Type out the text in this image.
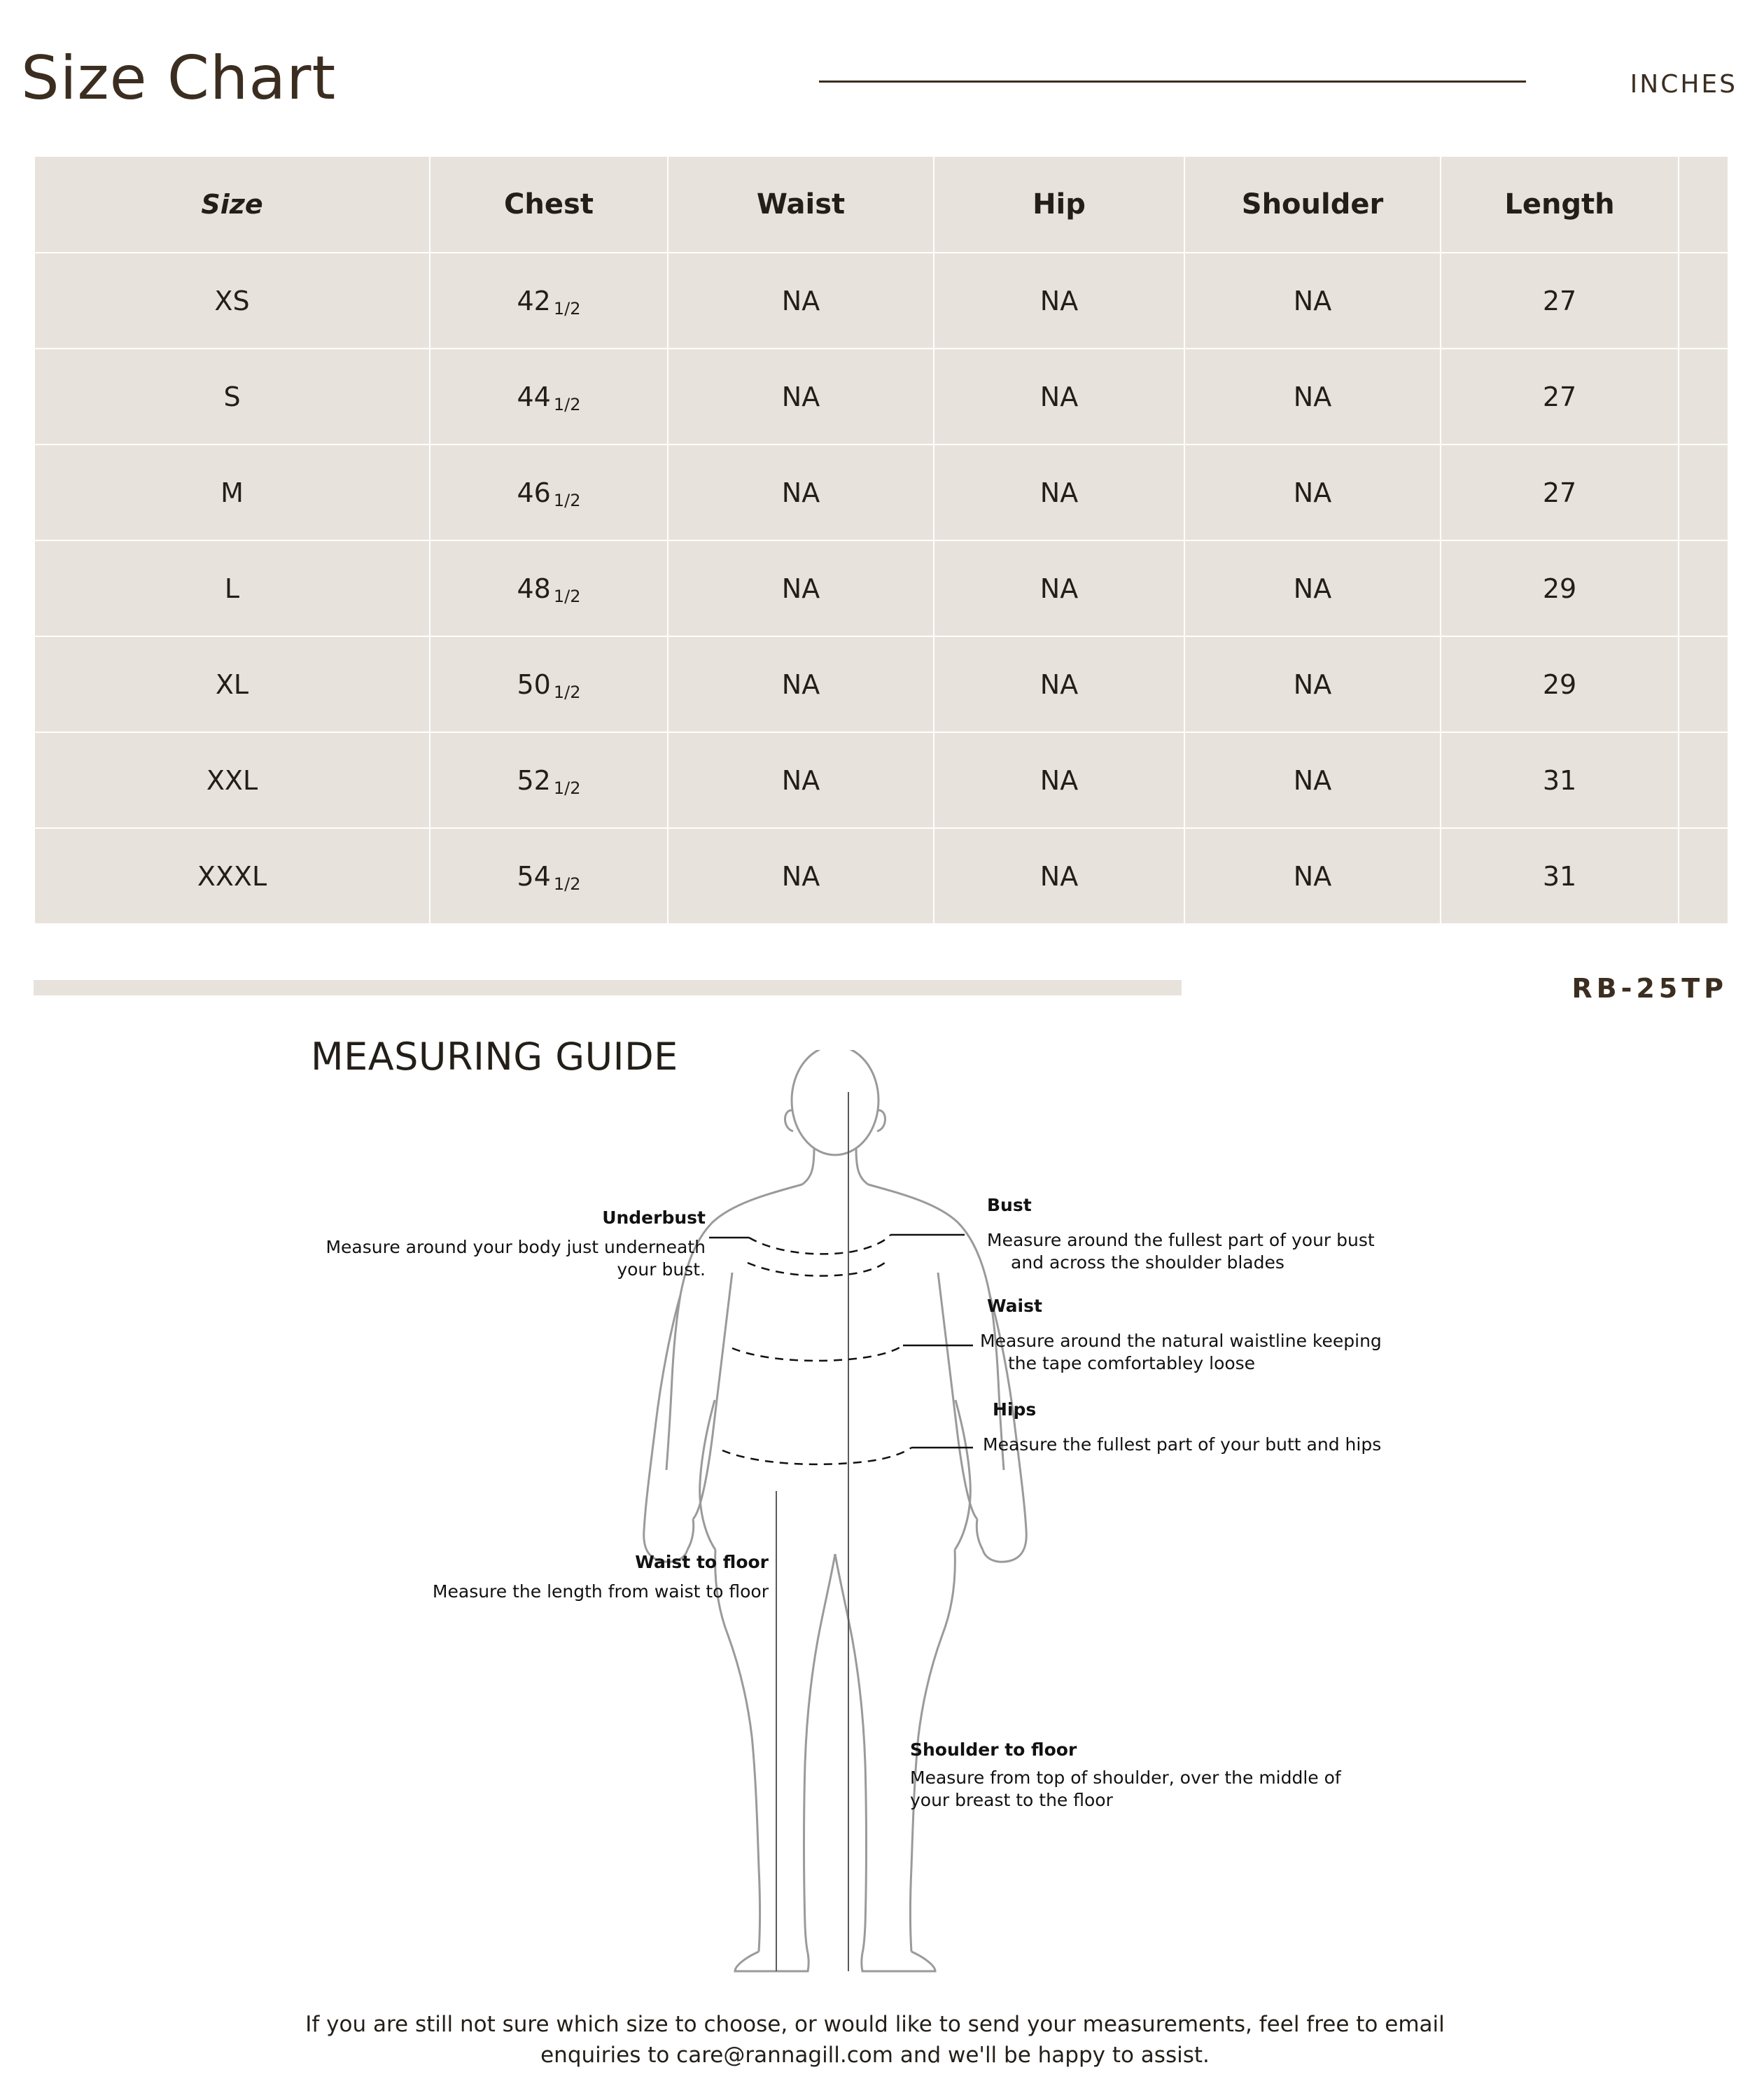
Size Chart	INCHES
Size	Chest	Waist	Hip	Shoulder	Length	
XS	42 1/2	NA	NA	NA	27	
S	44 1/2	NA	NA	NA	27	
M	46 1/2	NA	NA	NA	27	
L	48 1/2	NA	NA	NA	29	
XL	50 1/2	NA	NA	NA	29	
XXL	52 1/2	NA	NA	NA	31	
XXXL	54 1/2	NA	NA	NA	31	
RB-25TP
MEASURING GUIDE
Underbust
Measure around your body just underneath
your bust.
Bust
Measure around the fullest part of your bust
and across the shoulder blades
Waist
Measure around the natural waistline keeping
the tape comfortabley loose
Hips
Measure the fullest part of your butt and hips
Waist to floor
Measure the length from waist to floor
Shoulder to floor
Measure from top of shoulder, over the middle of
your breast to the floor
If you are still not sure which size to choose, or would like to send your measurements, feel free to email
enquiries to care@rannagill.com and we'll be happy to assist.
